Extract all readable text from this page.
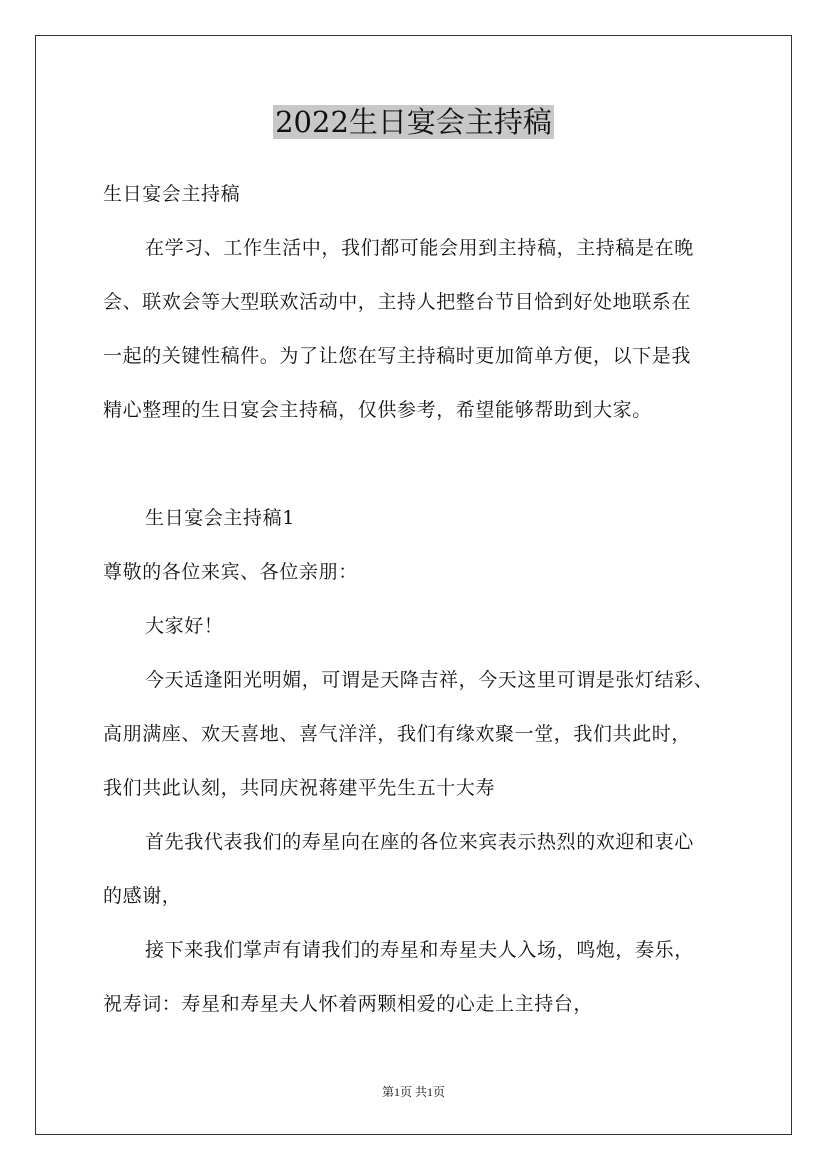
2022生日宴会主持稿
生日宴会主持稿
在学习、工作生活中，我们都可能会用到主持稿，主持稿是在晚
会、联欢会等大型联欢活动中，主持人把整台节目恰到好处地联系在
一起的关键性稿件。为了让您在写主持稿时更加简单方便，以下是我
精心整理的生日宴会主持稿，仅供参考，希望能够帮助到大家。
生日宴会主持稿1
尊敬的各位来宾、各位亲朋：
大家好！
今天适逢阳光明媚，可谓是天降吉祥，今天这里可谓是张灯结彩、
高朋满座、欢天喜地、喜气洋洋，我们有缘欢聚一堂，我们共此时，
我们共此认刻，共同庆祝蒋建平先生五十大寿
首先我代表我们的寿星向在座的各位来宾表示热烈的欢迎和衷心
的感谢，
接下来我们掌声有请我们的寿星和寿星夫人入场，鸣炮，奏乐，
祝寿词：寿星和寿星夫人怀着两颗相爱的心走上主持台，
第1页 共1页
